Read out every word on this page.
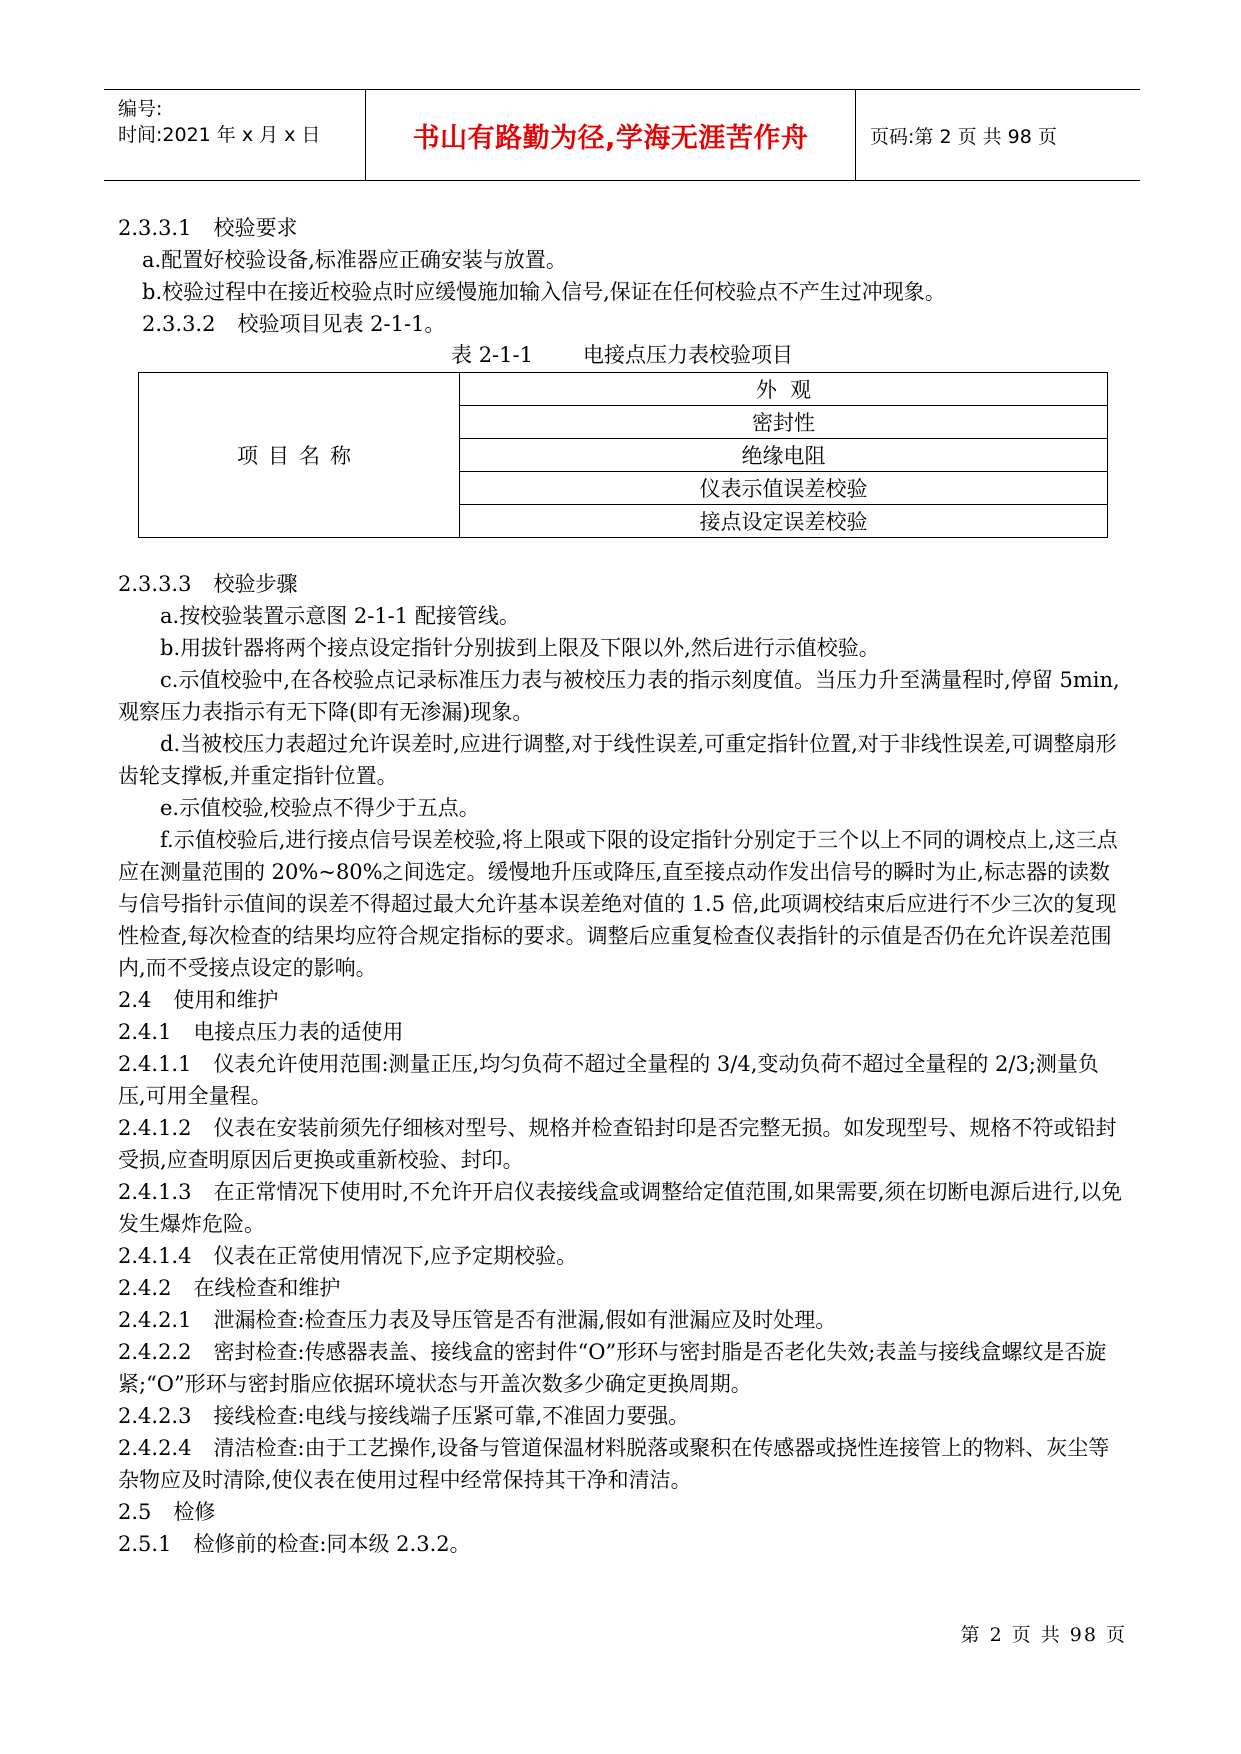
编号:
时间:2021 年 x 月 x 日	书山有路勤为径,学海无涯苦作舟	页码:第 2 页 共 98 页

2.3.3.1 校验要求

a.配置好校验设备,标准器应正确安装与放置。

b.校验过程中在接近校验点时应缓慢施加输入信号,保证在任何校验点不产生过冲现象。

2.3.3.2 校验项目见表 2-1-1。

表 2-1-1 电接点压力表校验项目

项目名称	外  观
密封性
绝缘电阻
仪表示值误差校验
接点设定误差校验

2.3.3.3 校验步骤

a.按校验装置示意图 2-1-1 配接管线。

b.用拔针器将两个接点设定指针分别拔到上限及下限以外,然后进行示值校验。

c.示值校验中,在各校验点记录标准压力表与被校压力表的指示刻度值。当压力升至满量程时,停留 5min,观察压力表指示有无下降(即有无渗漏)现象。

d.当被校压力表超过允许误差时,应进行调整,对于线性误差,可重定指针位置,对于非线性误差,可调整扇形齿轮支撑板,并重定指针位置。

e.示值校验,校验点不得少于五点。

f.示值校验后,进行接点信号误差校验,将上限或下限的设定指针分别定于三个以上不同的调校点上,这三点应在测量范围的 20%~80%之间选定。缓慢地升压或降压,直至接点动作发出信号的瞬时为止,标志器的读数与信号指针示值间的误差不得超过最大允许基本误差绝对值的 1.5 倍,此项调校结束后应进行不少三次的复现性检查,每次检查的结果均应符合规定指标的要求。调整后应重复检查仪表指针的示值是否仍在允许误差范围内,而不受接点设定的影响。

2.4 使用和维护

2.4.1 电接点压力表的适使用

2.4.1.1 仪表允许使用范围:测量正压,均匀负荷不超过全量程的 3/4,变动负荷不超过全量程的 2/3;测量负压,可用全量程。

2.4.1.2 仪表在安装前须先仔细核对型号、规格并检查铅封印是否完整无损。如发现型号、规格不符或铅封受损,应查明原因后更换或重新校验、封印。

2.4.1.3 在正常情况下使用时,不允许开启仪表接线盒或调整给定值范围,如果需要,须在切断电源后进行,以免发生爆炸危险。

2.4.1.4 仪表在正常使用情况下,应予定期校验。

2.4.2 在线检查和维护

2.4.2.1 泄漏检查:检查压力表及导压管是否有泄漏,假如有泄漏应及时处理。

2.4.2.2 密封检查:传感器表盖、接线盒的密封件“O”形环与密封脂是否老化失效;表盖与接线盒螺纹是否旋紧;“O”形环与密封脂应依据环境状态与开盖次数多少确定更换周期。

2.4.2.3 接线检查:电线与接线端子压紧可靠,不准固力要强。

2.4.2.4 清洁检查:由于工艺操作,设备与管道保温材料脱落或聚积在传感器或挠性连接管上的物料、灰尘等杂物应及时清除,使仪表在使用过程中经常保持其干净和清洁。

2.5 检修

2.5.1 检修前的检查:同本级 2.3.2。

第 2 页 共 98 页
